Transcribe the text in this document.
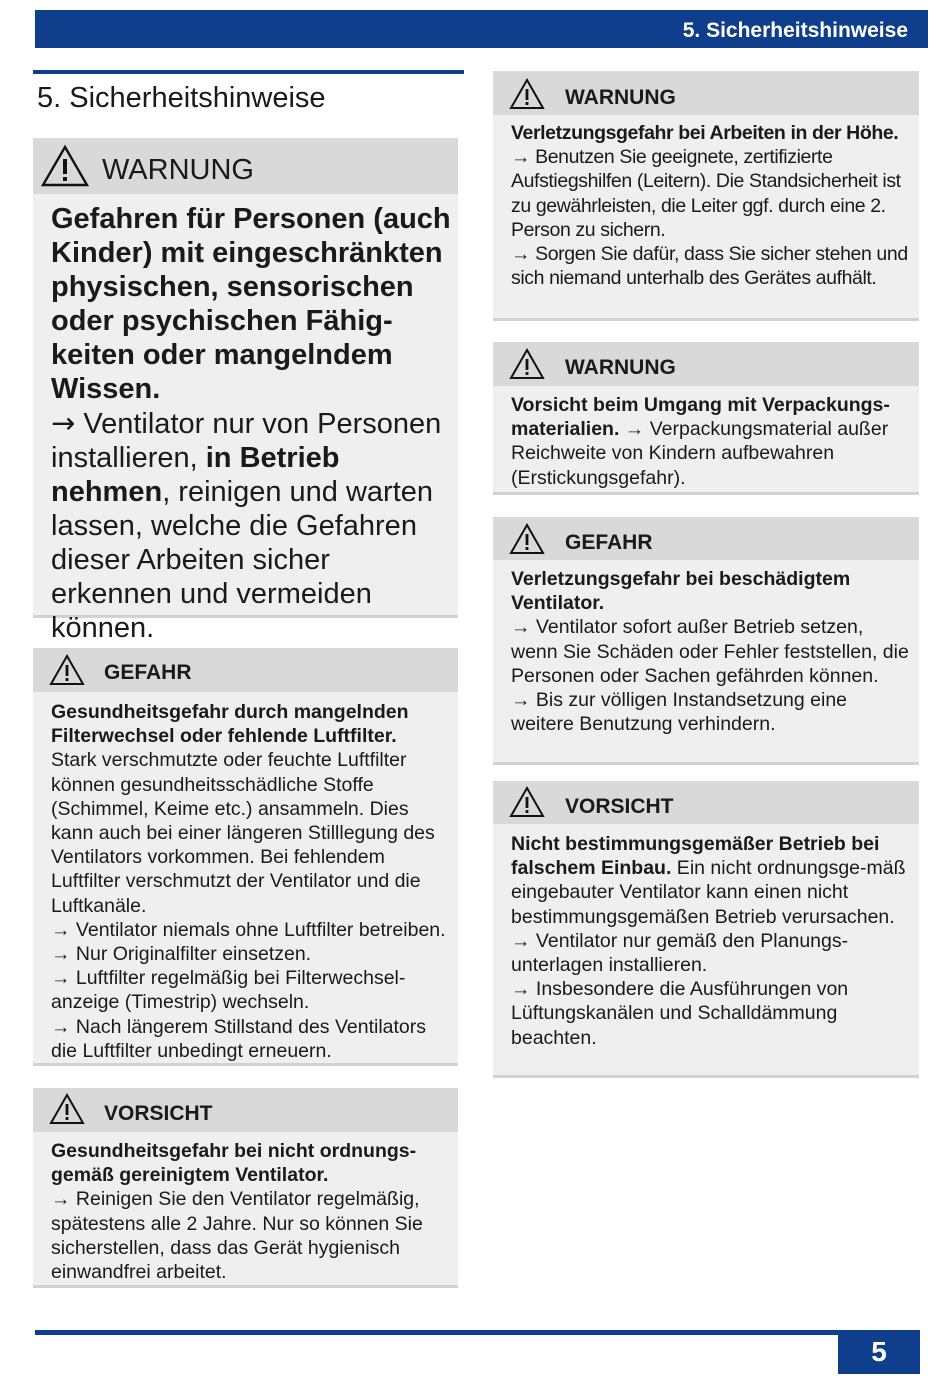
5. Sicherheitshinweise
5. Sicherheitshinweise
WARNUNG

Gefahren für Personen (auch Kinder) mit eingeschränkten physischen, sensorischen oder psychischen Fähig-keiten oder mangelndem Wissen.

→ Ventilator nur von Personen installieren, in Betrieb nehmen, reinigen und warten lassen, welche die Gefahren dieser Arbeiten sicher erkennen und vermeiden können.

GEFAHR

Gesundheitsgefahr durch mangelnden Filterwechsel oder fehlende Luftfilter.

Stark verschmutzte oder feuchte Luftfilter können gesundheitsschädliche Stoffe (Schimmel, Keime etc.) ansammeln. Dies kann auch bei einer längeren Stilllegung des Ventilators vorkommen. Bei fehlendem Luftfilter verschmutzt der Ventilator und die Luftkanäle.

→ Ventilator niemals ohne Luftfilter betreiben.

→ Nur Originalfilter einsetzen.

→ Luftfilter regelmäßig bei Filterwechsel-anzeige (Timestrip) wechseln.

→ Nach längerem Stillstand des Ventilators die Luftfilter unbedingt erneuern.

VORSICHT

Gesundheitsgefahr bei nicht ordnungs-gemäß gereinigtem Ventilator.

→ Reinigen Sie den Ventilator regelmäßig, spätestens alle 2 Jahre. Nur so können Sie sicherstellen, dass das Gerät hygienisch einwandfrei arbeitet.

WARNUNG

Verletzungsgefahr bei Arbeiten in der Höhe.

→ Benutzen Sie geeignete, zertifizierte Aufstiegshilfen (Leitern). Die Standsicherheit ist zu gewährleisten, die Leiter ggf. durch eine 2. Person zu sichern.

→ Sorgen Sie dafür, dass Sie sicher stehen und sich niemand unterhalb des Gerätes aufhält.

WARNUNG

Vorsicht beim Umgang mit Verpackungs-materialien. → Verpackungsmaterial außer Reichweite von Kindern aufbewahren (Erstickungsgefahr).

GEFAHR

Verletzungsgefahr bei beschädigtem Ventilator.

→ Ventilator sofort außer Betrieb setzen, wenn Sie Schäden oder Fehler feststellen, die Personen oder Sachen gefährden können.

→ Bis zur völligen Instandsetzung eine weitere Benutzung verhindern.

VORSICHT

Nicht bestimmungsgemäßer Betrieb bei falschem Einbau. Ein nicht ordnungsge-mäß eingebauter Ventilator kann einen nicht bestimmungsgemäßen Betrieb verursachen.

→ Ventilator nur gemäß den Planungs-unterlagen installieren.

→ Insbesondere die Ausführungen von Lüftungskanälen und Schalldämmung beachten.

5
